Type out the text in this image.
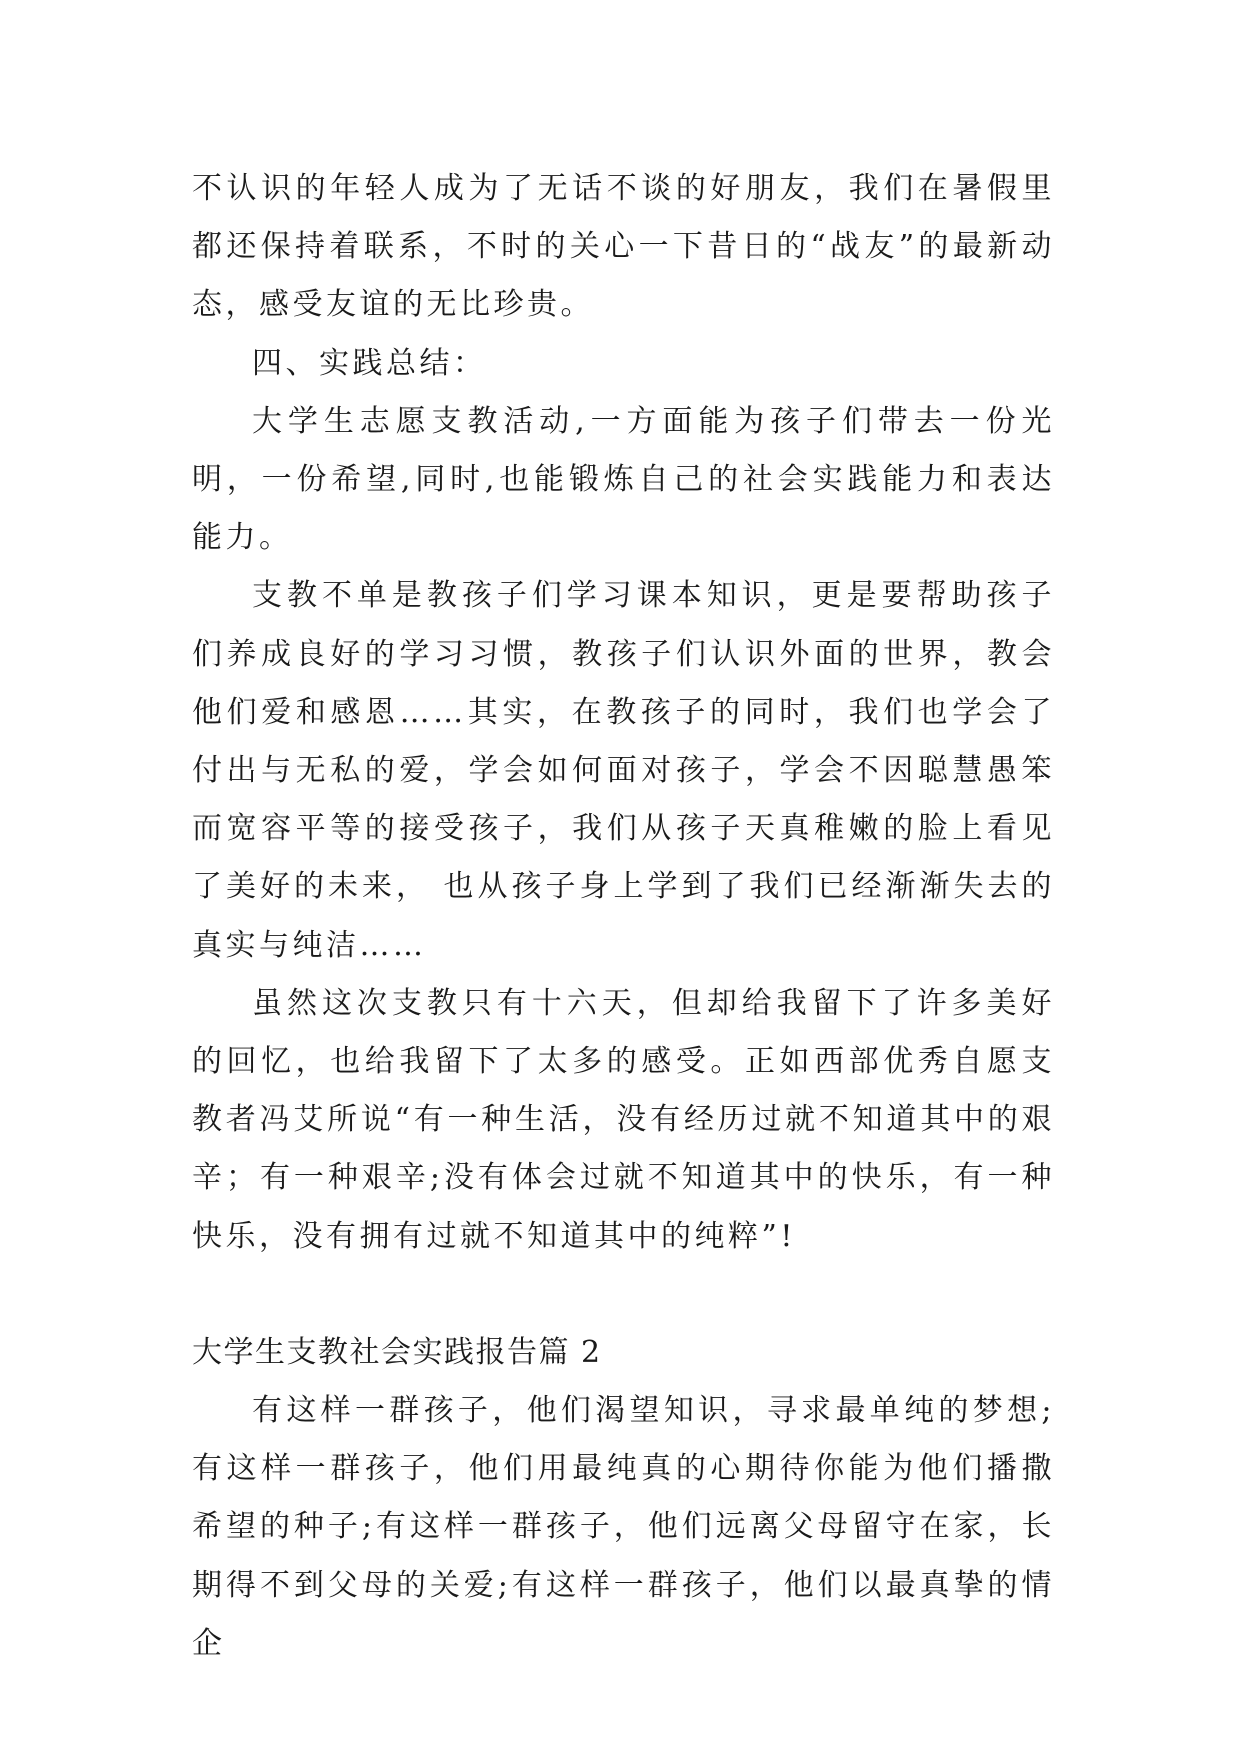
不认识的年轻人成为了无话不谈的好朋友，我们在暑假里都还保持着联系，不时的关心一下昔日的“战友”的最新动态，感受友谊的无比珍贵。

四、实践总结：

大学生志愿支教活动,一方面能为孩子们带去一份光明，一份希望,同时,也能锻炼自己的社会实践能力和表达能力。

支教不单是教孩子们学习课本知识，更是要帮助孩子们养成良好的学习习惯，教孩子们认识外面的世界，教会他们爱和感恩……其实，在教孩子的同时，我们也学会了付出与无私的爱，学会如何面对孩子，学会不因聪慧愚笨而宽容平等的接受孩子，我们从孩子天真稚嫩的脸上看见了美好的未来， 也从孩子身上学到了我们已经渐渐失去的真实与纯洁……

虽然这次支教只有十六天，但却给我留下了许多美好的回忆，也给我留下了太多的感受。正如西部优秀自愿支教者冯艾所说“有一种生活，没有经历过就不知道其中的艰辛；有一种艰辛;没有体会过就不知道其中的快乐，有一种快乐，没有拥有过就不知道其中的纯粹”!

大学生支教社会实践报告篇 2

有这样一群孩子，他们渴望知识，寻求最单纯的梦想;有这样一群孩子，他们用最纯真的心期待你能为他们播撒希望的种子;有这样一群孩子，他们远离父母留守在家，长期得不到父母的关爱;有这样一群孩子，他们以最真挚的情企
